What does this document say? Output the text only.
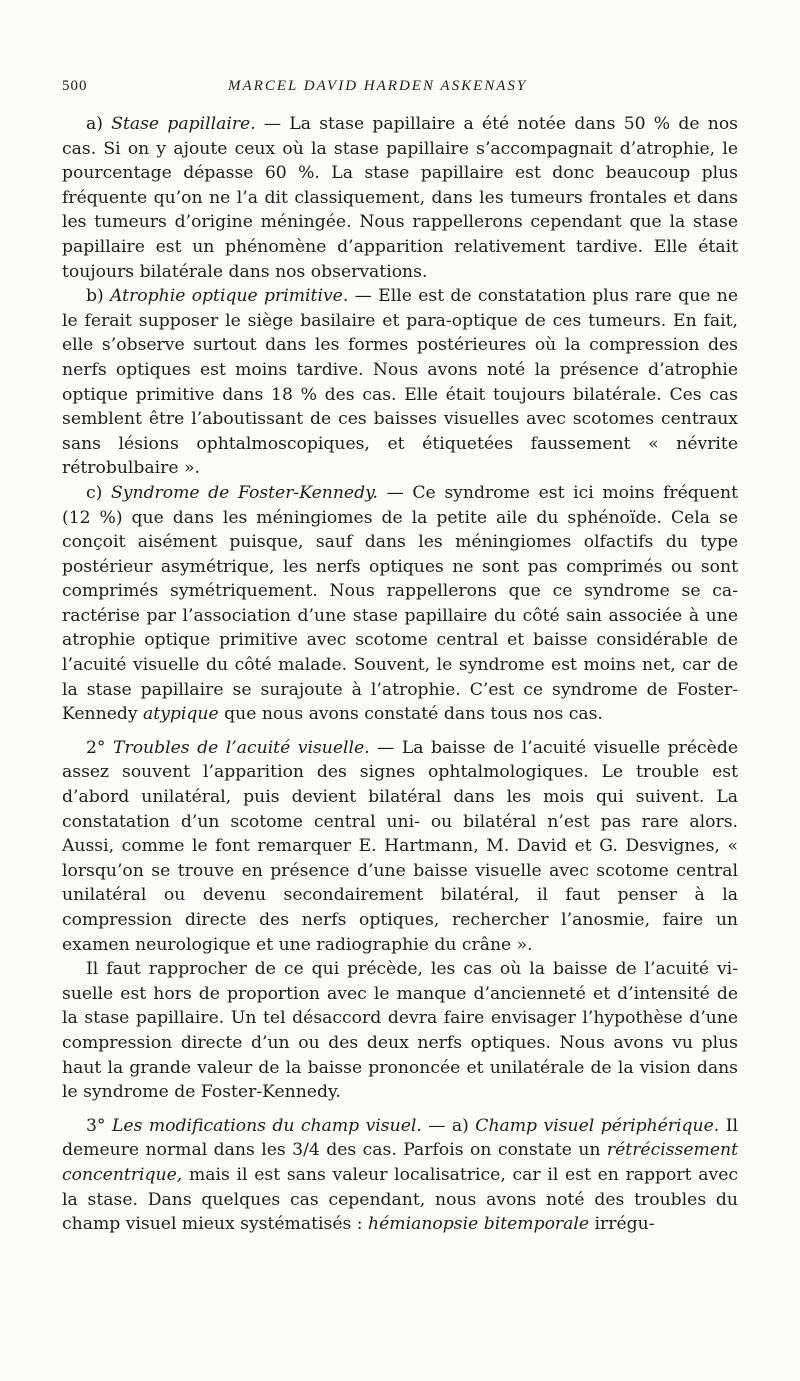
500	MARCEL DAVID HARDEN ASKENASY

a) Stase papillaire. — La stase papillaire a été notée dans 50 % de nos cas. Si on y ajoute ceux où la stase papillaire s’accompagnait d’atrophie, le pourcentage dépasse 60 %. La stase papillaire est donc beaucoup plus fréquente qu’on ne l’a dit classiquement, dans les tumeurs frontales et dans les tumeurs d’origine méningée. Nous rappellerons cependant que la stase papillaire est un phénomène d’apparition relativement tardive. Elle était toujours bilatérale dans nos observations.

b) Atrophie optique primitive. — Elle est de constatation plus rare que ne le ferait supposer le siège basilaire et para-optique de ces tumeurs. En fait, elle s’observe surtout dans les formes postérieures où la compression des nerfs optiques est moins tardive. Nous avons noté la présence d’atrophie optique primitive dans 18 % des cas. Elle était toujours bilatérale. Ces cas semblent être l’aboutissant de ces baisses visuelles avec scotomes centraux sans lésions ophtalmoscopiques, et étiquetées faussement « névrite rétrobulbaire ».

c) Syndrome de Foster-Kennedy. — Ce syndrome est ici moins fréquent (12 %) que dans les méningiomes de la petite aile du sphénoïde. Cela se conçoit aisément puisque, sauf dans les méningiomes olfactifs du type postérieur asymétrique, les nerfs optiques ne sont pas comprimés ou sont comprimés symétriquement. Nous rappellerons que ce syndrome se caractérise par l’association d’une stase papillaire du côté sain associée à une atrophie optique primitive avec scotome central et baisse considérable de l’acuité visuelle du côté malade. Souvent, le syndrome est moins net, car de la stase papillaire se surajoute à l’atrophie. C’est ce syndrome de Foster-Kennedy atypique que nous avons constaté dans tous nos cas.

2° Troubles de l’acuité visuelle. — La baisse de l’acuité visuelle précède assez souvent l’apparition des signes ophtalmologiques. Le trouble est d’abord unilatéral, puis devient bilatéral dans les mois qui suivent. La constatation d’un scotome central uni- ou bilatéral n’est pas rare alors. Aussi, comme le font remarquer E. Hartmann, M. David et G. Desvignes, « lorsqu’on se trouve en présence d’une baisse visuelle avec scotome central unilatéral ou devenu secondairement bilatéral, il faut penser à la compression directe des nerfs optiques, rechercher l’anosmie, faire un examen neurologique et une radiographie du crâne ».

Il faut rapprocher de ce qui précède, les cas où la baisse de l’acuité visuelle est hors de proportion avec le manque d’ancienneté et d’intensité de la stase papillaire. Un tel désaccord devra faire envisager l’hypothèse d’une compression directe d’un ou des deux nerfs optiques. Nous avons vu plus haut la grande valeur de la baisse prononcée et unilatérale de la vision dans le syndrome de Foster-Kennedy.

3° Les modifications du champ visuel. — a) Champ visuel périphérique. Il demeure normal dans les 3/4 des cas. Parfois on constate un rétrécissement concentrique, mais il est sans valeur localisatrice, car il est en rapport avec la stase. Dans quelques cas cependant, nous avons noté des troubles du champ visuel mieux systématisés : hémianopsie bitemporale irrégu-
